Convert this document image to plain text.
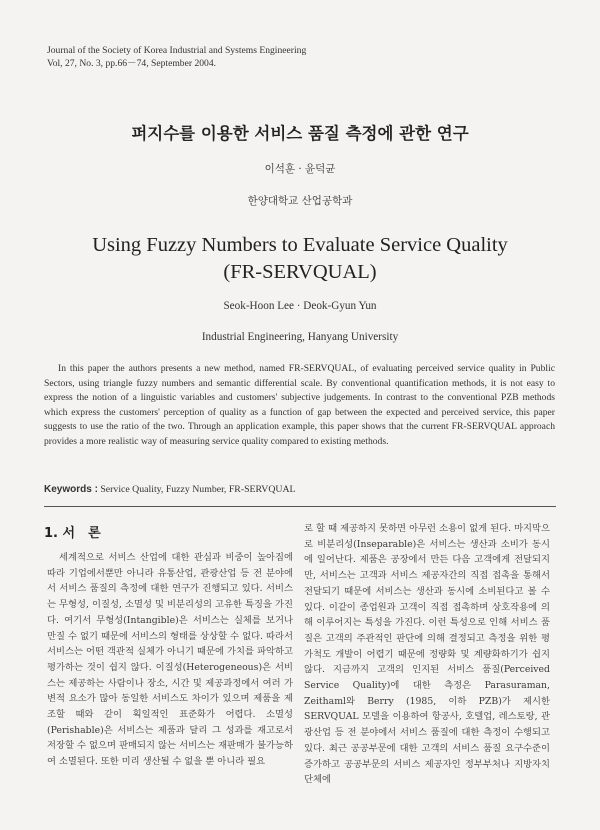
Journal of the Society of Korea Industrial and Systems Engineering
Vol, 27, No. 3, pp.66－74, September 2004.
퍼지수를 이용한 서비스 품질 측정에 관한 연구
이석훈 · 윤덕균
한양대학교 산업공학과
Using Fuzzy Numbers to Evaluate Service Quality
(FR-SERVQUAL)
Seok-Hoon Lee · Deok-Gyun Yun
Industrial Engineering, Hanyang University

In this paper the authors presents a new method, named FR-SERVQUAL, of evaluating perceived service quality in Public Sectors, using triangle fuzzy numbers and semantic differential scale. By conventional quantification methods, it is not easy to express the notion of a linguistic variables and customers' subjective judgements. In contrast to the conventional PZB methods which express the customers' perception of quality as a function of gap between the expected and perceived service, this paper suggests to use the ratio of the two. Through an application example, this paper shows that the current FR-SERVQUAL approach provides a more realistic way of measuring service quality compared to existing methods.

Keywords : Service Quality, Fuzzy Number, FR-SERVQUAL
1. 서　론

세계적으로 서비스 산업에 대한 관심과 비중이 높아짐에 따라 기업에서뿐만 아니라 유통산업, 관광산업 등 전 분야에서 서비스 품질의 측정에 대한 연구가 진행되고 있다. 서비스는 무형성, 이질성, 소멸성 및 비분리성의 고유한 특징을 가진다. 여기서 무형성(Intangible)은 서비스는 실체를 보거나 만질 수 없기 때문에 서비스의 형태를 상상할 수 없다. 따라서 서비스는 어떤 객관적 실체가 아니기 때문에 가치를 파악하고 평가하는 것이 쉽지 않다. 이질성(Heterogeneous)은 서비스는 제공하는 사람이나 장소, 시간 및 제공과정에서 여러 가변적 요소가 많아 동일한 서비스도 차이가 있으며 제품을 제조할 때와 같이 획일적인 표준화가 어렵다. 소멸성(Perishable)은 서비스는 제품과 달리 그 성과를 재고로서 저장할 수 없으며 판매되지 않는 서비스는 재판매가 불가능하여 소멸된다. 또한 미리 생산될 수 없을 뿐 아니라 필요

로 할 때 제공하지 못하면 아무런 소용이 없게 된다. 마지막으로 비분리성(Inseparable)은 서비스는 생산과 소비가 동시에 일어난다. 제품은 공장에서 만든 다음 고객에게 전달되지만, 서비스는 고객과 서비스 제공자간의 직접 접촉을 통해서 전달되기 때문에 서비스는 생산과 동시에 소비된다고 볼 수 있다. 이같이 종업원과 고객이 직접 접촉하며 상호작용에 의해 이루어지는 특성을 가진다. 이런 특성으로 인해 서비스 품질은 고객의 주관적인 판단에 의해 결정되고 측정을 위한 평가척도 개발이 어렵기 때문에 정량화 및 계량화하기가 쉽지 않다. 지금까지 고객의 인지된 서비스 품질(Perceived Service Quality)에 대한 측정은 Parasuraman, Zeithaml와 Berry (1985, 이하 PZB)가 제시한 SERVQUAL 모델을 이용하여 항공사, 호텔업, 레스토랑, 관광산업 등 전 분야에서 서비스 품질에 대한 측정이 수행되고 있다. 최근 공공부문에 대한 고객의 서비스 품질 요구수준이 증가하고 공공부문의 서비스 제공자인 정부부처나 지방자치단체에
